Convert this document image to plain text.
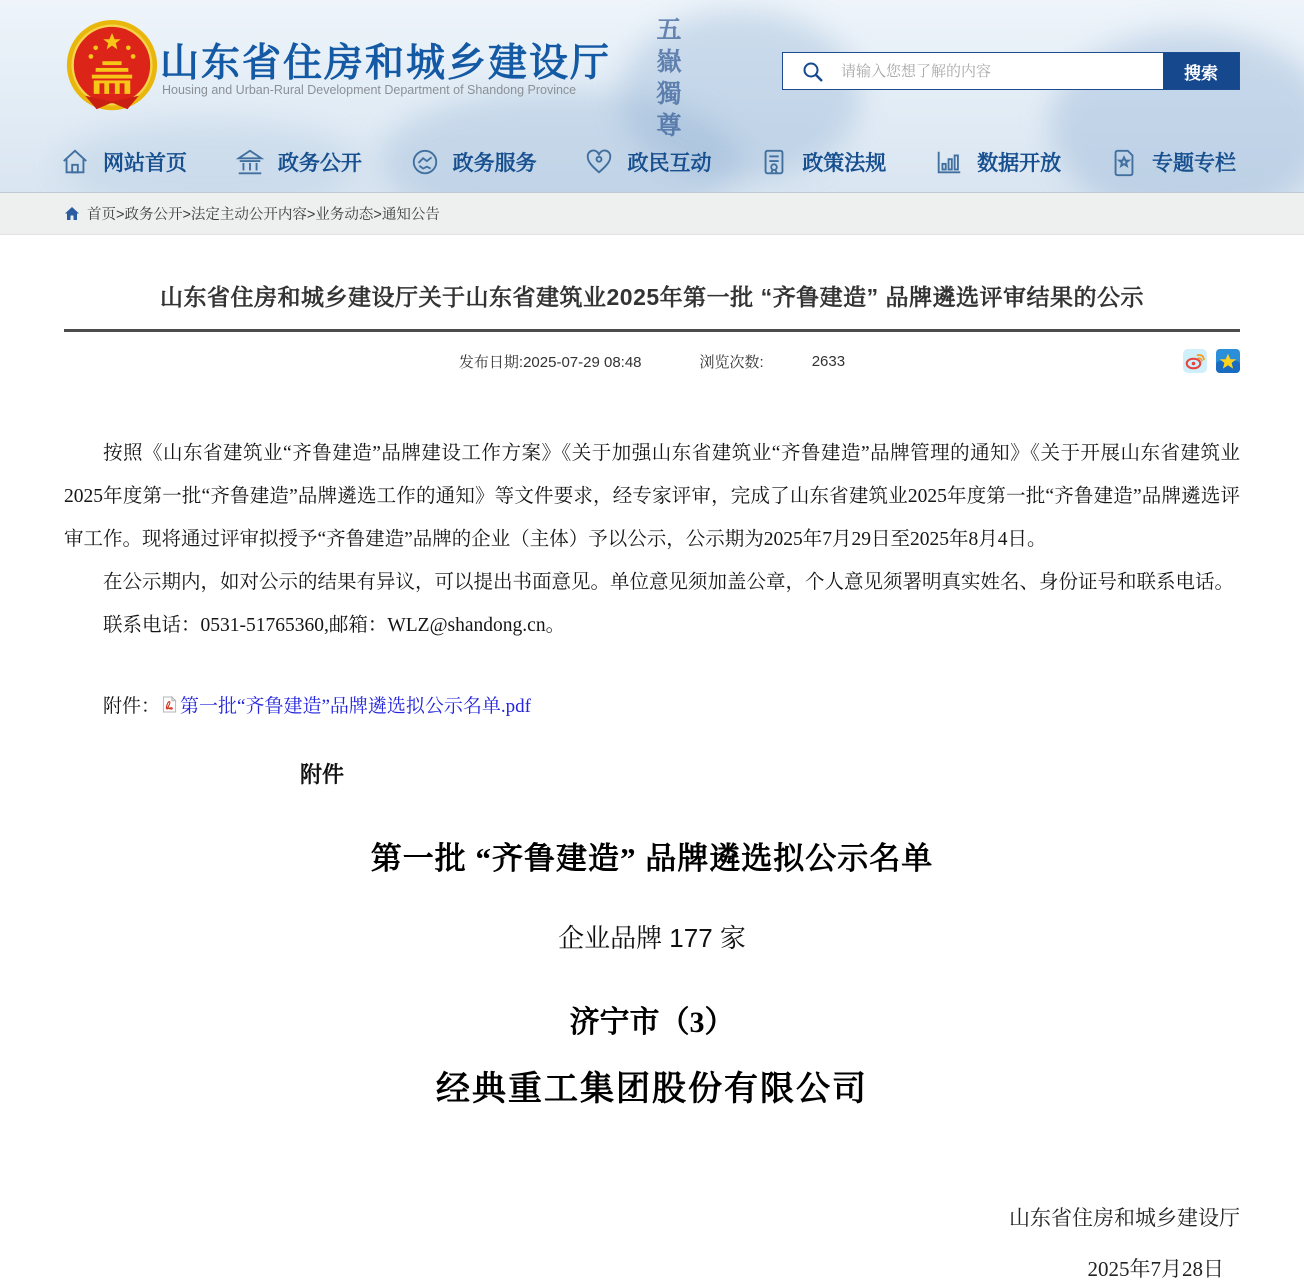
五嶽獨尊
山东省住房和城乡建设厅
Housing and Urban-Rural Development Department of Shandong Province
请输入您想了解的内容
搜索
网站首页	政务公开	政务服务	政民互动	政策法规	数据开放	专题专栏
首页>政务公开>法定主动公开内容>业务动态>通知公告
山东省住房和城乡建设厅关于山东省建筑业2025年第一批 “齐鲁建造” 品牌遴选评审结果的公示
发布日期:2025-07-29 08:48	浏览次数:	2633

按照《山东省建筑业“齐鲁建造”品牌建设工作方案》《关于加强山东省建筑业“齐鲁建造”品牌管理的通知》《关于开展山东省建筑业2025年度第一批“齐鲁建造”品牌遴选工作的通知》等文件要求，经专家评审，完成了山东省建筑业2025年度第一批“齐鲁建造”品牌遴选评审工作。现将通过评审拟授予“齐鲁建造”品牌的企业（主体）予以公示，公示期为2025年7月29日至2025年8月4日。

在公示期内，如对公示的结果有异议，可以提出书面意见。单位意见须加盖公章，个人意见须署明真实姓名、身份证号和联系电话。

联系电话：0531-51765360,邮箱：WLZ@shandong.cn。

附件： 第一批“齐鲁建造”品牌遴选拟公示名单.pdf
附件
第一批 “齐鲁建造” 品牌遴选拟公示名单
企业品牌 177 家
济宁市（3）
经典重工集团股份有限公司
山东省住房和城乡建设厅
2025年7月28日
